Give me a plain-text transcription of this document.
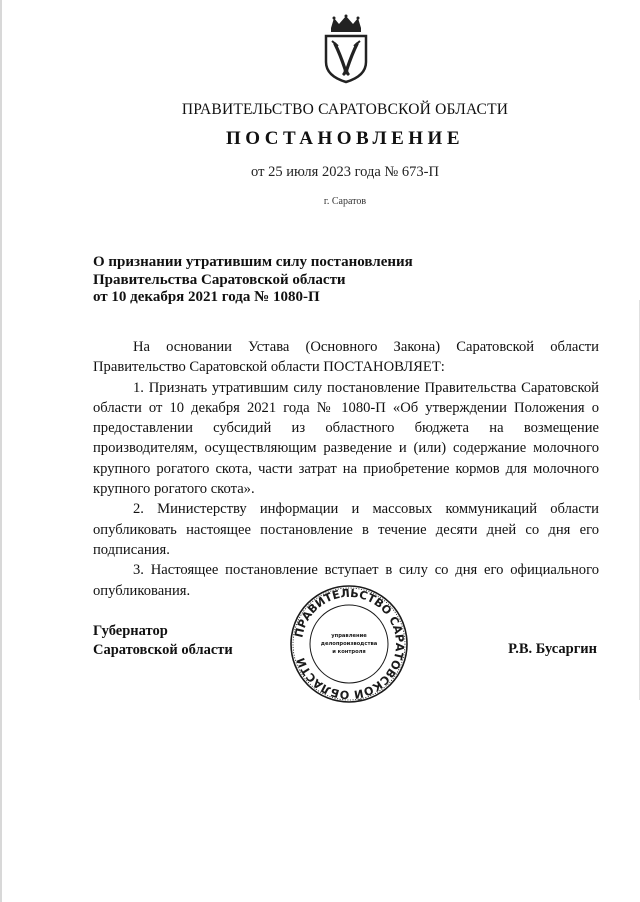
ПРАВИТЕЛЬСТВО САРАТОВСКОЙ ОБЛАСТИ
ПОСТАНОВЛЕНИЕ
от 25 июля 2023 года № 673-П
г. Саратов
О признании утратившим силу постановления
Правительства Саратовской области
от 10 декабря 2021 года № 1080-П

На основании Устава (Основного Закона) Саратовской области Правительство Саратовской области ПОСТАНОВЛЯЕТ:

1. Признать утратившим силу постановление Правительства Саратовской области от 10 декабря 2021 года № 1080-П «Об утверждении Положения о предоставлении субсидий из областного бюджета на возмещение производителям, осуществляющим разведение и (или) содержание молочного крупного рогатого скота, части затрат на приобретение кормов для молочного крупного рогатого скота».

2. Министерству информации и массовых коммуникаций области опубликовать настоящее постановление в течение десяти дней со дня его подписания.

3. Настоящее постановление вступает в силу со дня его официального опубликования.

Губернатор
Саратовской области	Р.В. Бусаргин
ПРАВИТЕЛЬСТВО САРАТОВСКОЙ ОБЛАСТИ
управление
делопроизводства
и контроля
